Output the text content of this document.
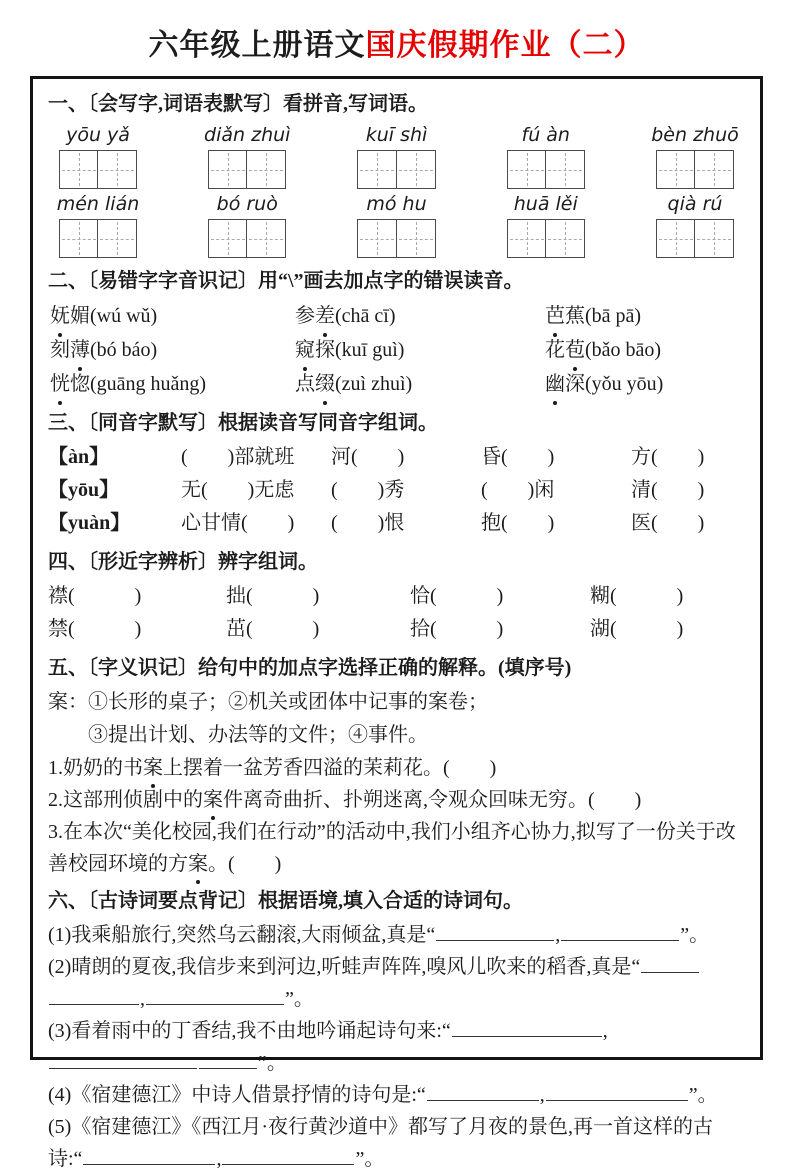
六年级上册语文国庆假期作业（二）
一、〔会写字,词语表默写〕看拼音,写词语。
yōu yǎ	diǎn zhuì	kuī shì	fú àn	bèn zhuō
mén lián	bó ruò	mó hu	huā lěi	qià rú
二、〔易错字字音识记〕用“\”画去加点字的错误读音。
妩媚(wú wǔ)	参差(chā cī)	芭蕉(bā pā)
刻薄(bó báo)	窥探(kuī guì)	花苞(bǎo bāo)
恍惚(guāng huǎng)	点缀(zuì zhuì)	幽深(yǒu yōu)
三、〔同音字默写〕根据读音写同音字组词。
【àn】	(　　)部就班	河(　　)	昏(　　)	方(　　)
【yōu】	无(　　)无虑	(　　)秀	(　　)闲	清(　　)
【yuàn】	心甘情(　　)	(　　)恨	抱(　　)	医(　　)
四、〔形近字辨析〕辨字组词。
襟(　　　)	拙(　　　)	恰(　　　)	糊(　　　)
禁(　　　)	茁(　　　)	拾(　　　)	湖(　　　)
五、〔字义识记〕给句中的加点字选择正确的解释。(填序号)
案：①长形的桌子；②机关或团体中记事的案卷；
③提出计划、办法等的文件；④事件。
1.奶奶的书案上摆着一盆芳香四溢的茉莉花。(　　)
2.这部刑侦剧中的案件离奇曲折、扑朔迷离,令观众回味无穷。(　　)
3.在本次“美化校园,我们在行动”的活动中,我们小组齐心协力,拟写了一份关于改善校园环境的方案。(　　)
六、〔古诗词要点背记〕根据语境,填入合适的诗词句。
(1)我乘船旅行,突然乌云翻滚,大雨倾盆,真是“	,	”。
(2)晴朗的夏夜,我信步来到河边,听蛙声阵阵,嗅风儿吹来的稻香,真是“,	”。
(3)看着雨中的丁香结,我不由地吟诵起诗句来:“	,”。
(4)《宿建德江》中诗人借景抒情的诗句是:“	,	”。
(5)《宿建德江》《西江月·夜行黄沙道中》都写了月夜的景色,再一首这样的古诗:“	,	”。
